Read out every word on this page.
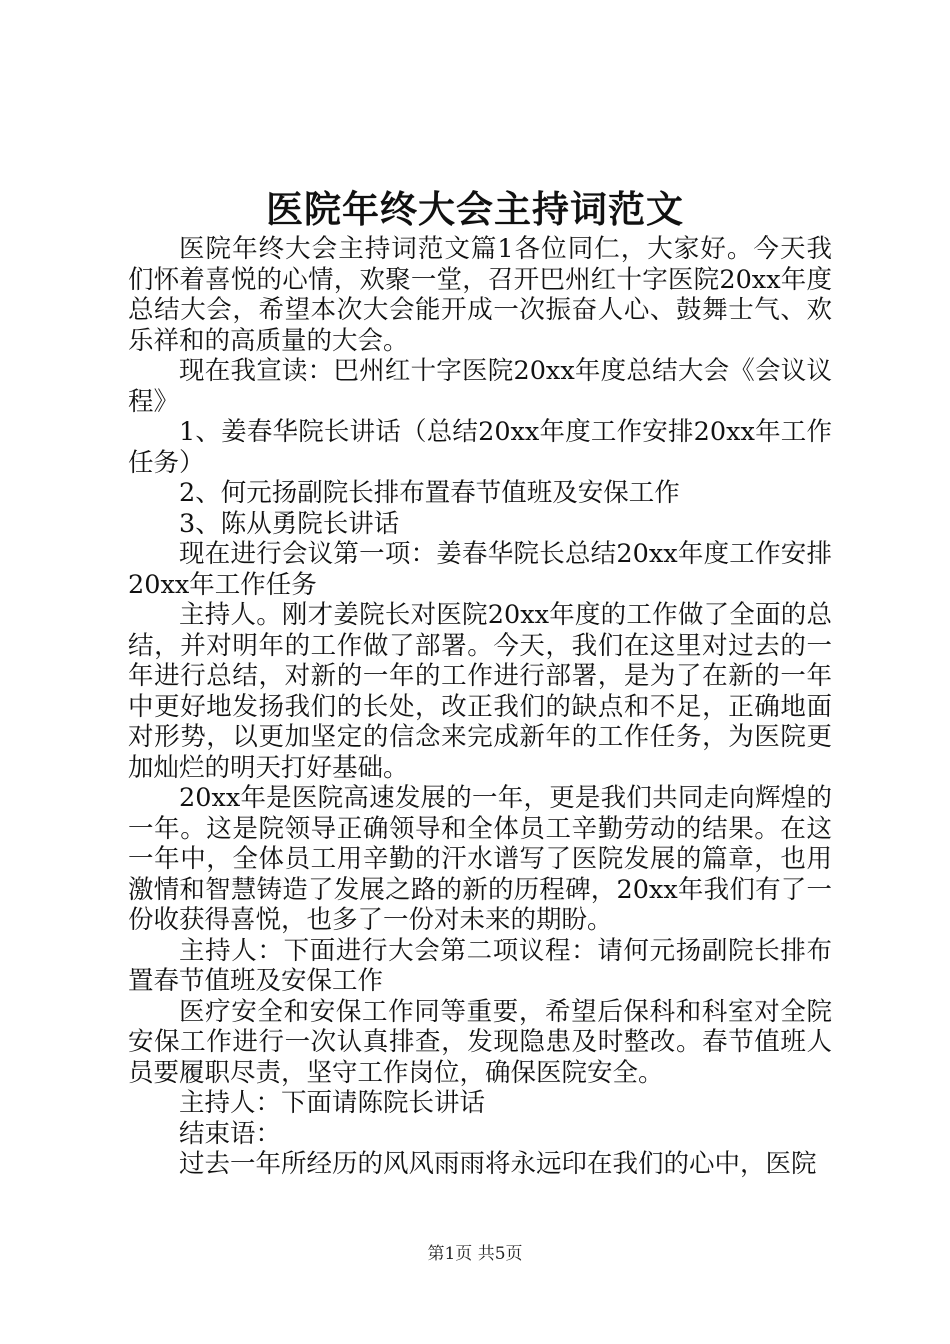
医院年终大会主持词范文

医院年终大会主持词范文篇1各位同仁，大家好。今天我们怀着喜悦的心情，欢聚一堂，召开巴州红十字医院20xx年度总结大会，希望本次大会能开成一次振奋人心、鼓舞士气、欢乐祥和的高质量的大会。

现在我宣读：巴州红十字医院20xx年度总结大会《会议议程》

1、姜春华院长讲话（总结20xx年度工作安排20xx年工作任务）

2、何元扬副院长排布置春节值班及安保工作

3、陈从勇院长讲话

现在进行会议第一项：姜春华院长总结20xx年度工作安排20xx年工作任务

主持人。刚才姜院长对医院20xx年度的工作做了全面的总结，并对明年的工作做了部署。今天，我们在这里对过去的一年进行总结，对新的一年的工作进行部署，是为了在新的一年中更好地发扬我们的长处，改正我们的缺点和不足，正确地面对形势，以更加坚定的信念来完成新年的工作任务，为医院更加灿烂的明天打好基础。

20xx年是医院高速发展的一年，更是我们共同走向辉煌的一年。这是院领导正确领导和全体员工辛勤劳动的结果。在这一年中，全体员工用辛勤的汗水谱写了医院发展的篇章，也用激情和智慧铸造了发展之路的新的历程碑，20xx年我们有了一份收获得喜悦，也多了一份对未来的期盼。

主持人：下面进行大会第二项议程：请何元扬副院长排布置春节值班及安保工作

医疗安全和安保工作同等重要，希望后保科和科室对全院安保工作进行一次认真排查，发现隐患及时整改。春节值班人员要履职尽责，坚守工作岗位，确保医院安全。

主持人：下面请陈院长讲话

结束语：

过去一年所经历的风风雨雨将永远印在我们的心中，医院

第1页 共5页
